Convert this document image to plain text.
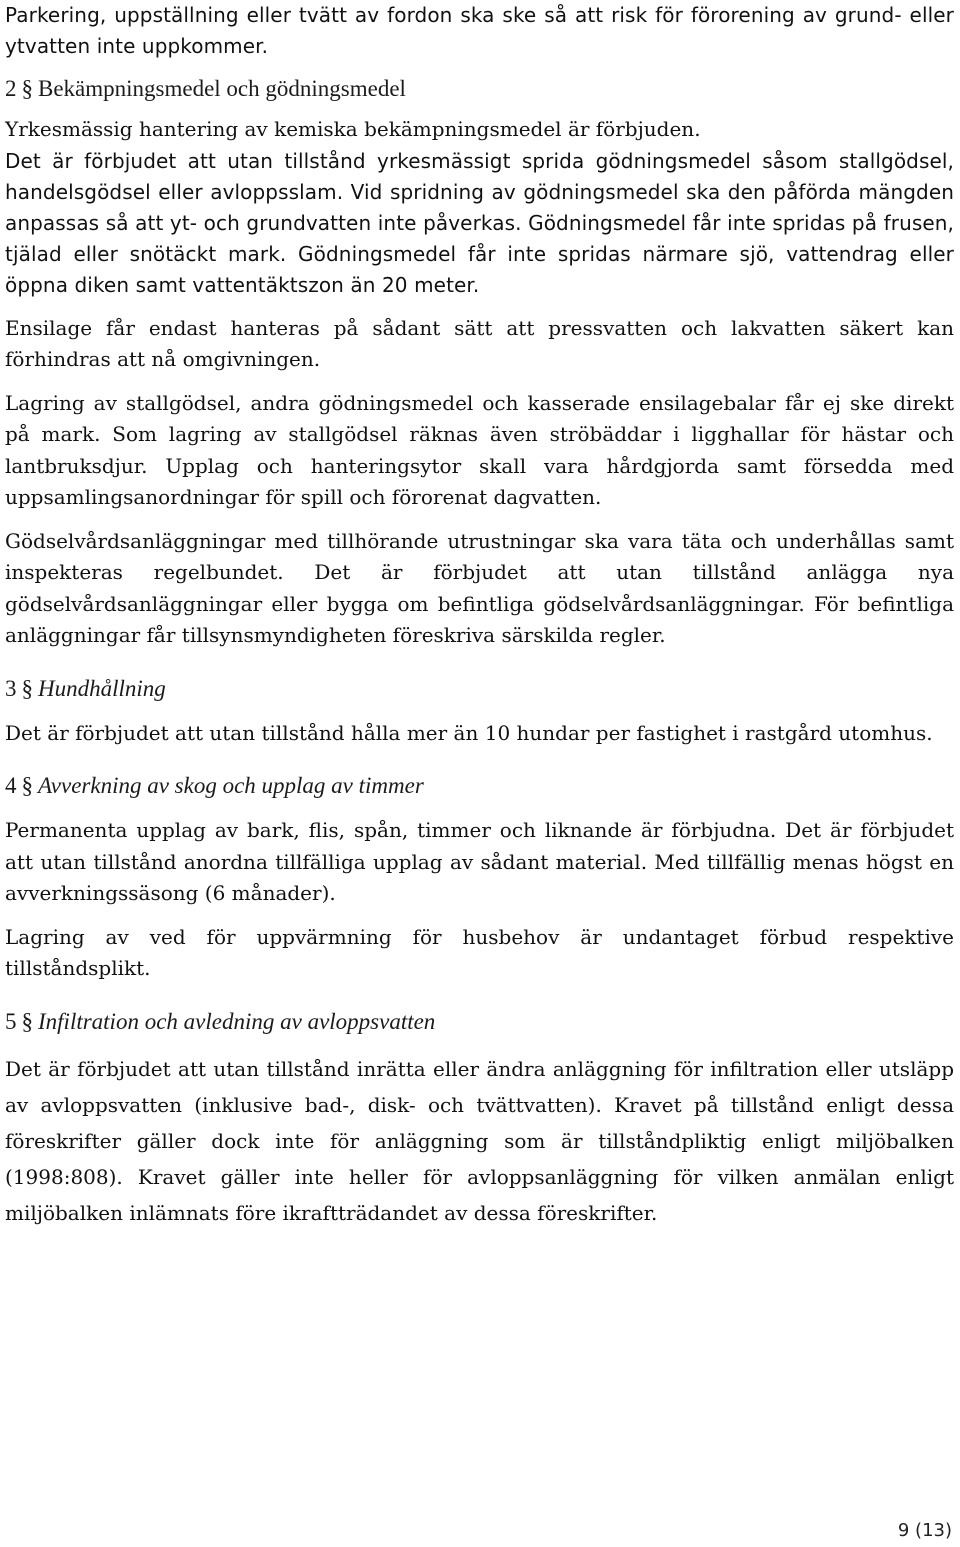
Parkering, uppställning eller tvätt av fordon ska ske så att risk för förorening av grund- eller ytvatten inte uppkommer.

2 § Bekämpningsmedel och gödningsmedel

Yrkesmässig hantering av kemiska bekämpningsmedel är förbjuden.

Det är förbjudet att utan tillstånd yrkesmässigt sprida gödningsmedel såsom stallgödsel, handelsgödsel eller avloppsslam. Vid spridning av gödningsmedel ska den påförda mängden anpassas så att yt- och grundvatten inte påverkas. Gödningsmedel får inte spridas på frusen, tjälad eller snötäckt mark. Gödningsmedel får inte spridas närmare sjö, vattendrag eller öppna diken samt vattentäktszon än 20 meter.

Ensilage får endast hanteras på sådant sätt att pressvatten och lakvatten säkert kan förhindras att nå omgivningen.

Lagring av stallgödsel, andra gödningsmedel och kasserade ensilagebalar får ej ske direkt på mark. Som lagring av stallgödsel räknas även ströbäddar i ligghallar för hästar och lantbruksdjur. Upplag och hanteringsytor skall vara hårdgjorda samt försedda med uppsamlingsanordningar för spill och förorenat dagvatten.

Gödselvårdsanläggningar med tillhörande utrustningar ska vara täta och underhållas samt inspekteras regelbundet. Det är förbjudet att utan tillstånd anlägga nya gödselvårdsanläggningar eller bygga om befintliga gödselvårdsanläggningar. För befintliga anläggningar får tillsynsmyndigheten föreskriva särskilda regler.

3 § Hundhållning

Det är förbjudet att utan tillstånd hålla mer än 10 hundar per fastighet i rastgård utomhus.

4 § Avverkning av skog och upplag av timmer

Permanenta upplag av bark, flis, spån, timmer och liknande är förbjudna. Det är förbjudet att utan tillstånd anordna tillfälliga upplag av sådant material. Med tillfällig menas högst en avverkningssäsong (6 månader).

Lagring av ved för uppvärmning för husbehov är undantaget förbud respektive tillståndsplikt.

5 § Infiltration och avledning av avloppsvatten

Det är förbjudet att utan tillstånd inrätta eller ändra anläggning för infiltration eller utsläpp av avloppsvatten (inklusive bad-, disk- och tvättvatten). Kravet på tillstånd enligt dessa föreskrifter gäller dock inte för anläggning som är tillståndpliktig enligt miljöbalken (1998:808). Kravet gäller inte heller för avloppsanläggning för vilken anmälan enligt miljöbalken inlämnats före ikraftträdandet av dessa föreskrifter.

9 (13)
